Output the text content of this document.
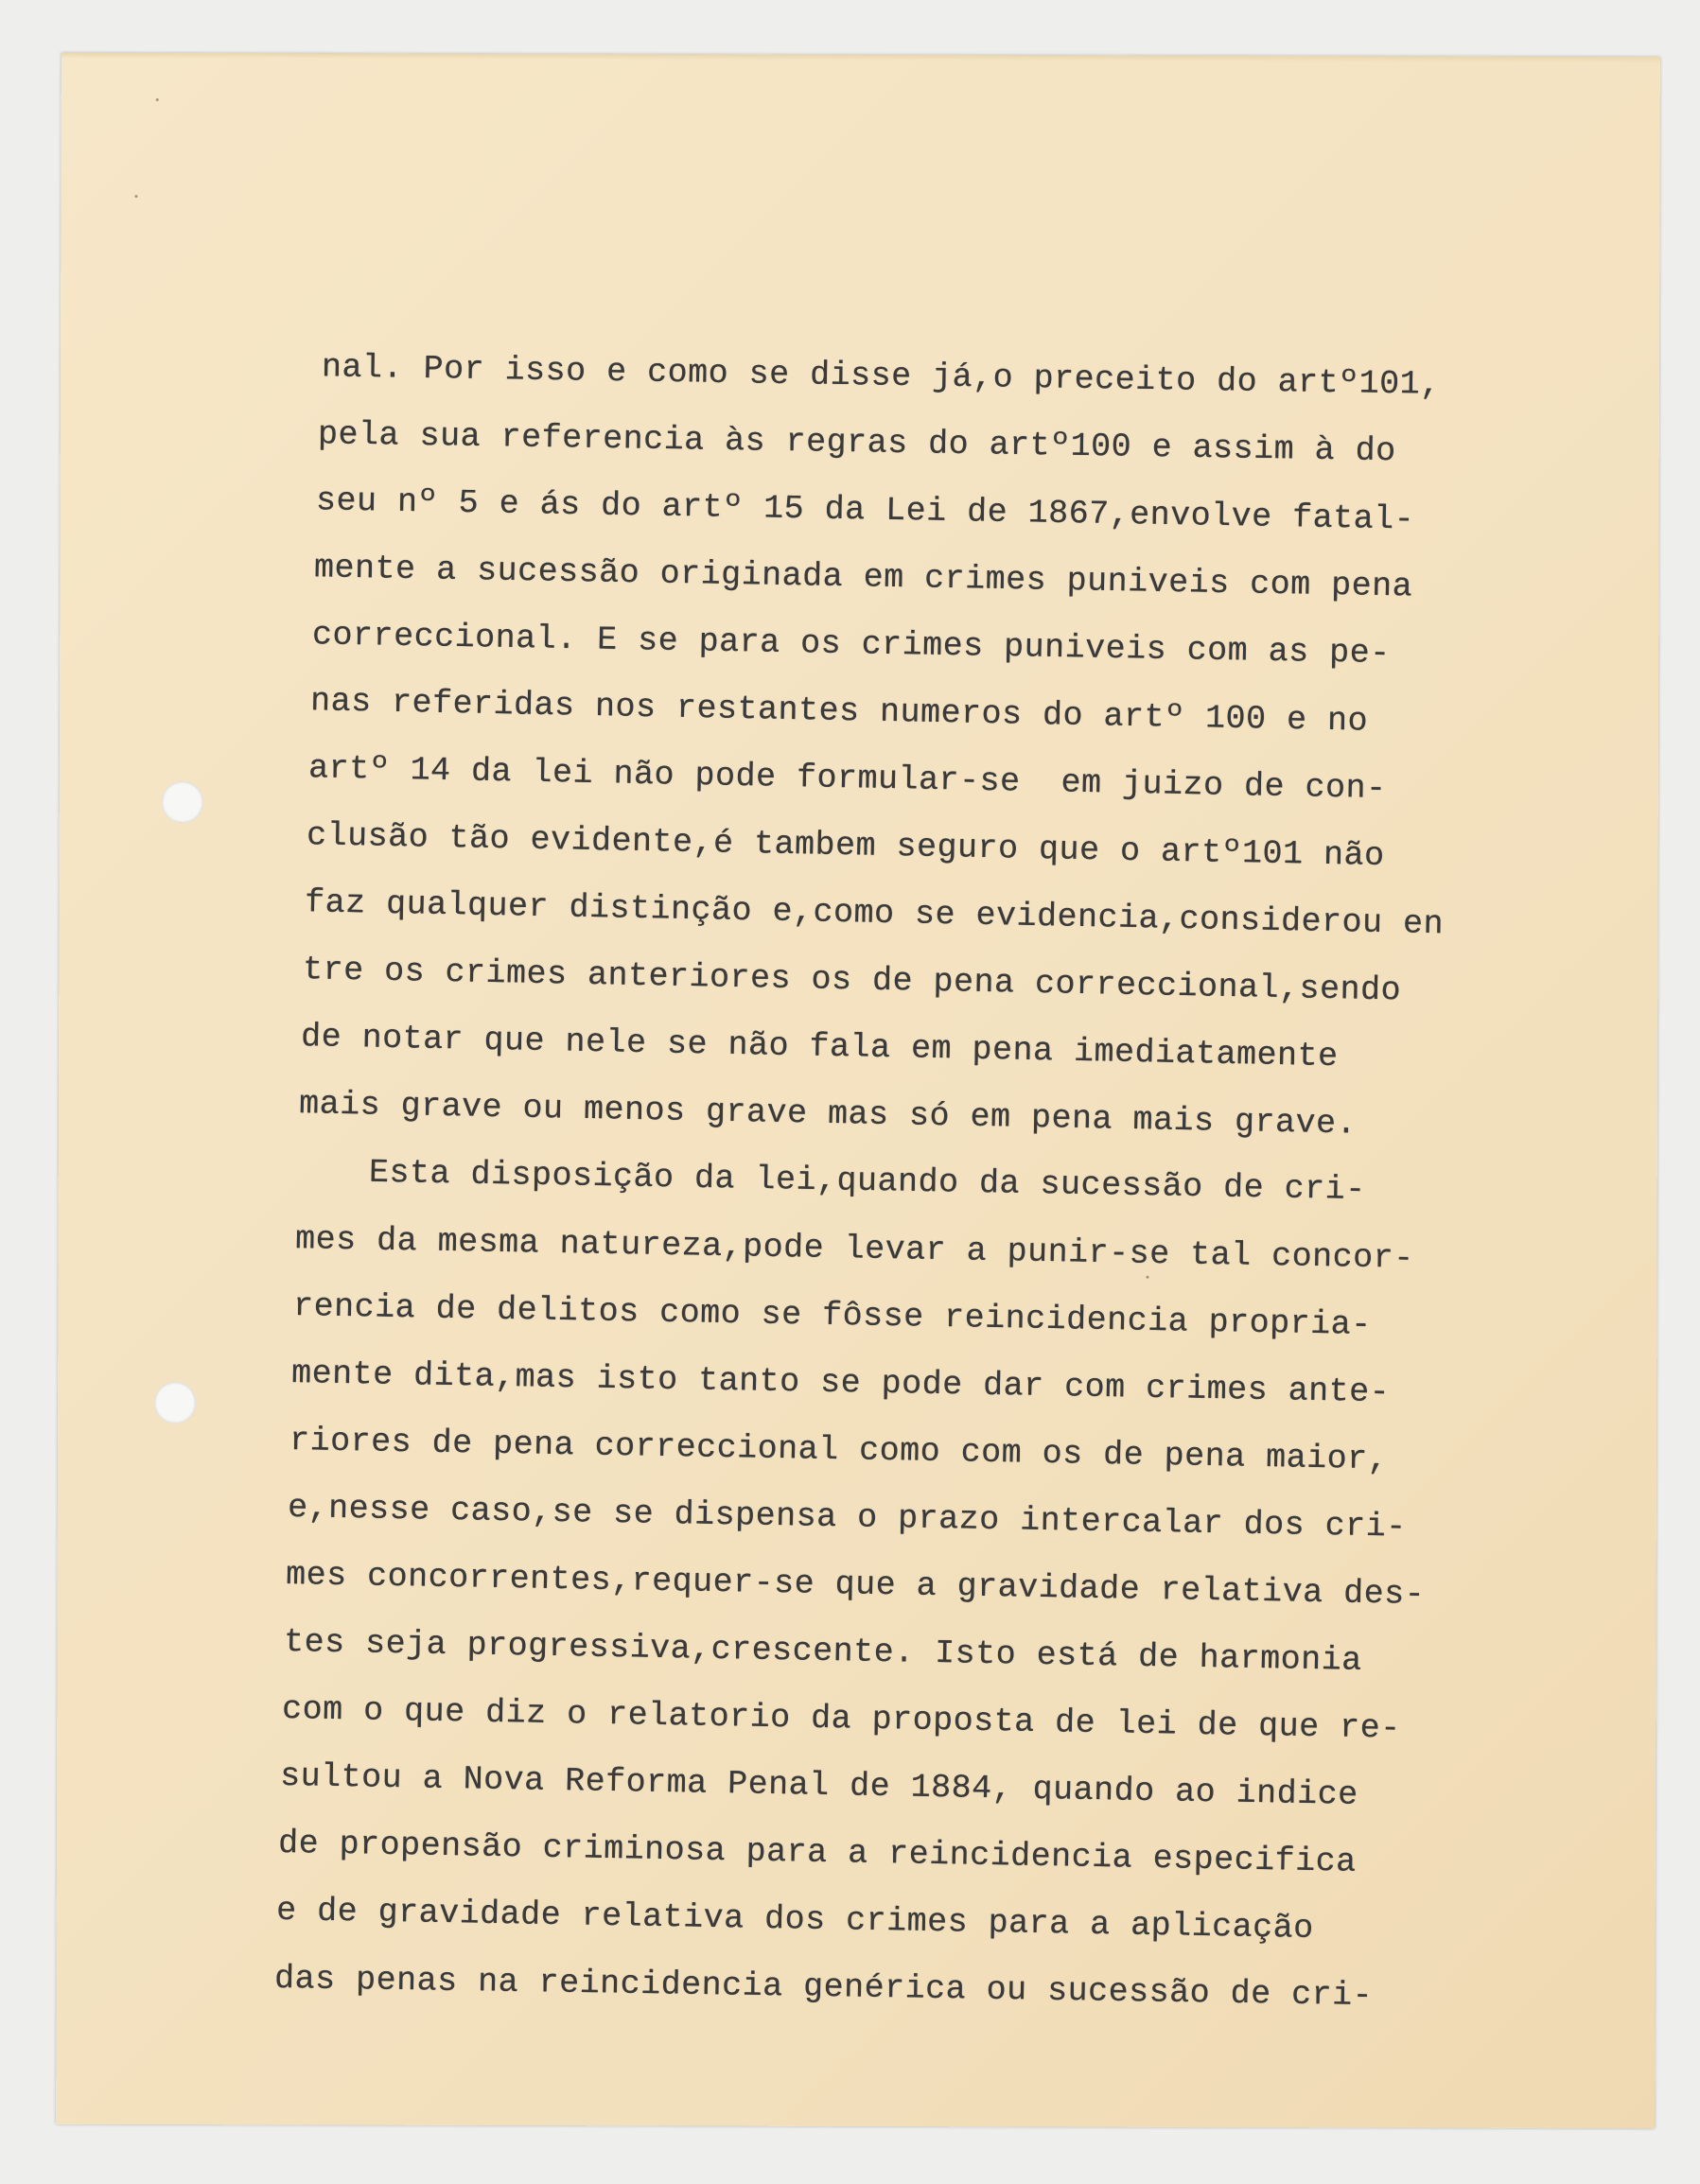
nal. Por isso e como se disse já,o preceito do artº101,
pela sua referencia às regras do artº100 e assim à do
seu nº 5 e ás do artº 15 da Lei de 1867,envolve fatal-
mente a sucessão originada em crimes puniveis com pena
correccional. E se para os crimes puniveis com as pe-
nas referidas nos restantes numeros do artº 100 e no
artº 14 da lei não pode formular-se  em juizo de con-
clusão tão evidente,é tambem seguro que o artº101 não
faz qualquer distinção e,como se evidencia,considerou en
tre os crimes anteriores os de pena correccional,sendo
de notar que nele se não fala em pena imediatamente
mais grave ou menos grave mas só em pena mais grave.
Esta disposição da lei,quando da sucessão de cri-
mes da mesma natureza,pode levar a punir-se tal concor-
rencia de delitos como se fôsse reincidencia propria-
mente dita,mas isto tanto se pode dar com crimes ante-
riores de pena correccional como com os de pena maior,
e,nesse caso,se se dispensa o prazo intercalar dos cri-
mes concorrentes,requer-se que a gravidade relativa des-
tes seja progressiva,crescente. Isto está de harmonia
com o que diz o relatorio da proposta de lei de que re-
sultou a Nova Reforma Penal de 1884, quando ao indice
de propensão criminosa para a reincidencia especifica
e de gravidade relativa dos crimes para a aplicação
das penas na reincidencia genérica ou sucessão de cri-
